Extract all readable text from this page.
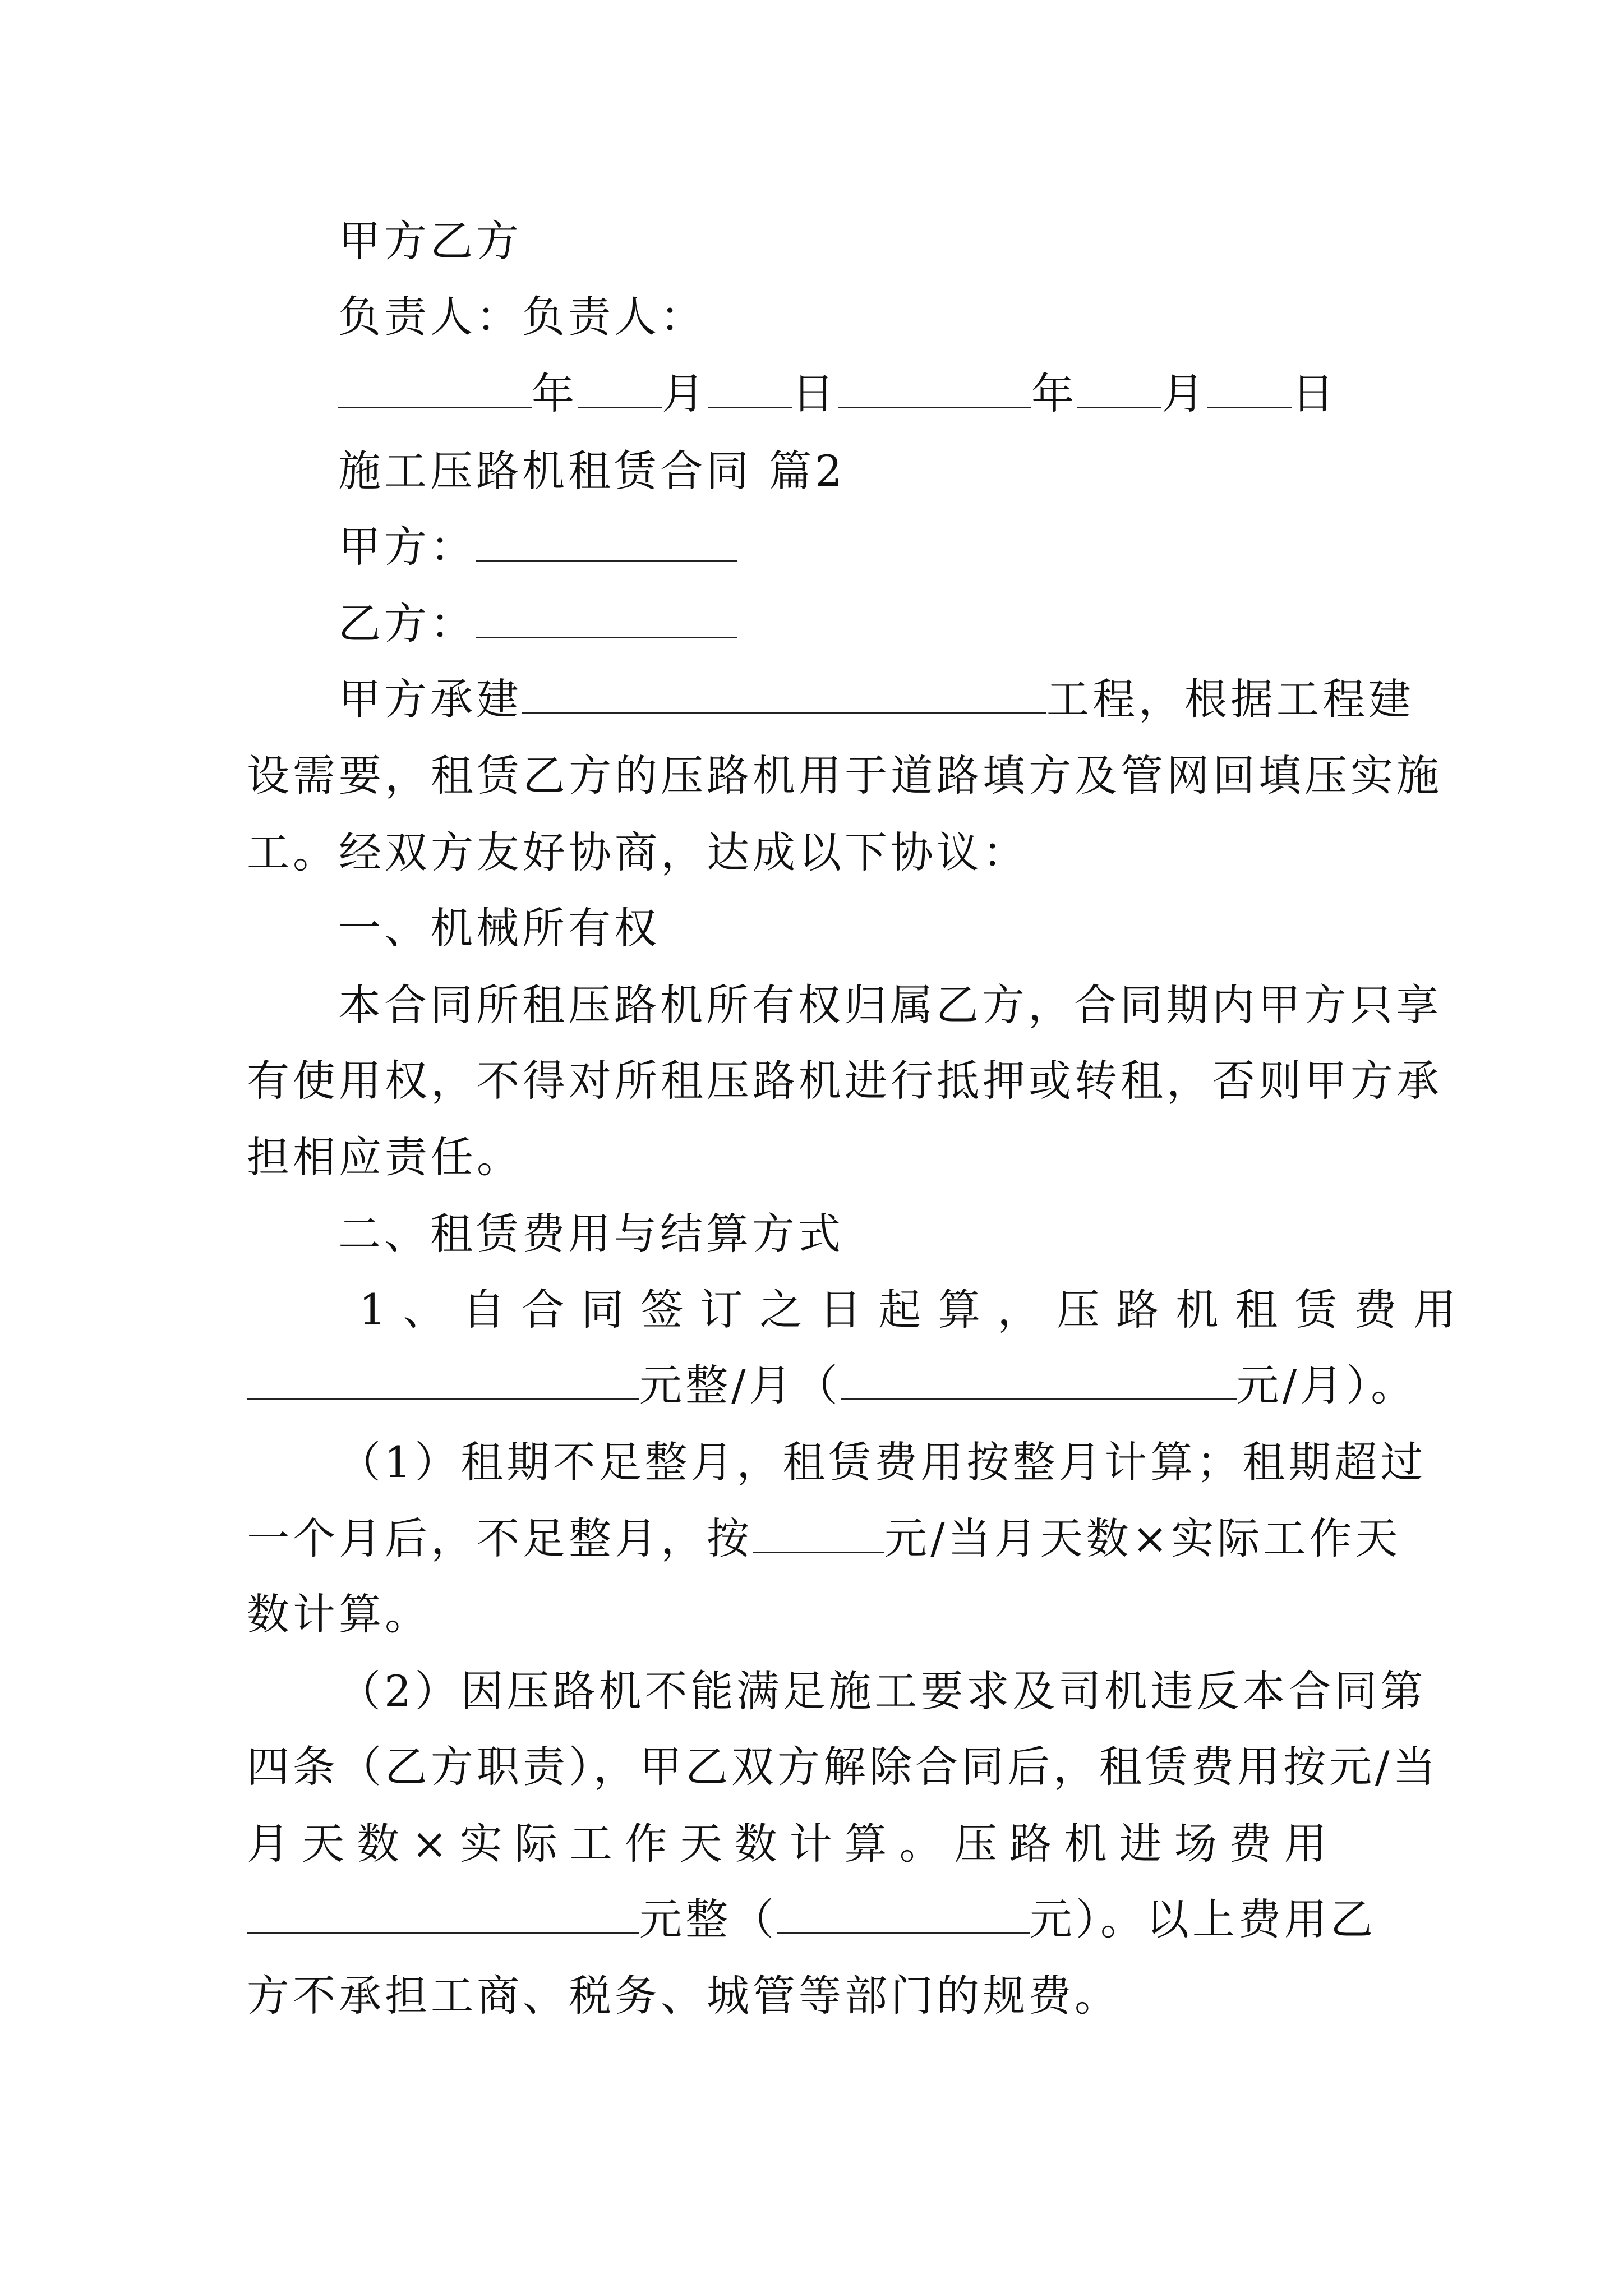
甲方乙方
负责人：负责人：
年 月 日	年 月 日
施工压路机租赁合同 篇2
甲方：
乙方：
甲方承建	工程，根据工程建
设需要，租赁乙方的压路机用于道路填方及管网回填压实施
工。经双方友好协商，达成以下协议：
一、机械所有权
本合同所租压路机所有权归属乙方，合同期内甲方只享
有使用权，不得对所租压路机进行抵押或转租，否则甲方承
担相应责任。
二、租赁费用与结算方式
1、自合同签订之日起算，压路机租赁费用
元整/月（	元/月）。
（1）租期不足整月，租赁费用按整月计算；租期超过
一个月后，不足整月，按	元/当月天数×实际工作天
数计算。
（2）因压路机不能满足施工要求及司机违反本合同第
四条（乙方职责），甲乙双方解除合同后，租赁费用按元/当
月天数×实际工作天数计算。压路机进场费用
元整（	元）。以上费用乙
方不承担工商、税务、城管等部门的规费。
